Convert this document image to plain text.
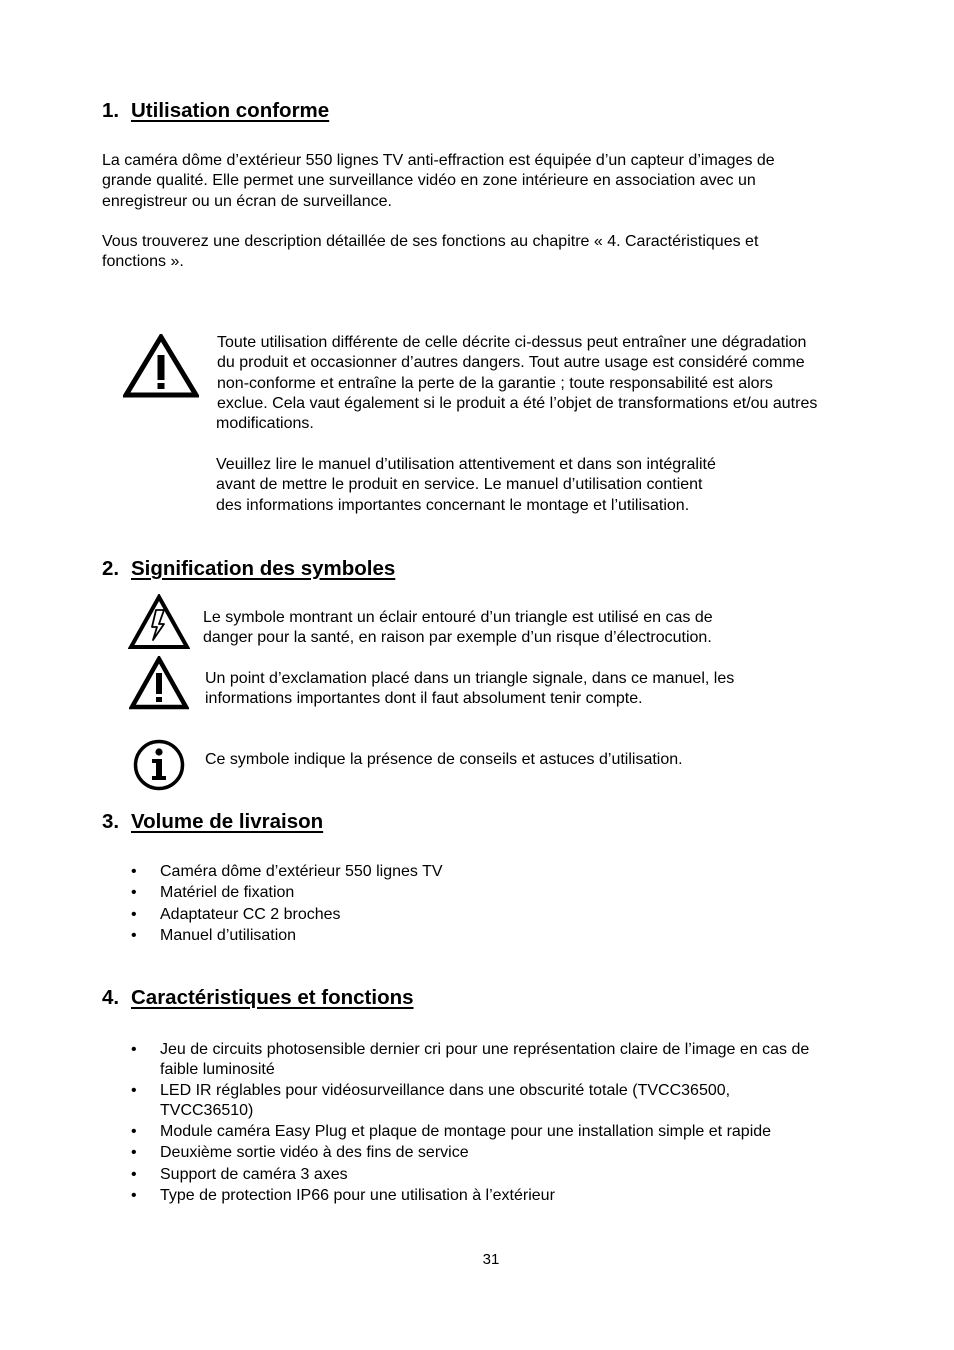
1. Utilisation conforme
La caméra dôme d’extérieur 550 lignes TV anti-effraction est équipée d’un capteur d’images de
grande qualité. Elle permet une surveillance vidéo en zone intérieure en association avec un
enregistreur ou un écran de surveillance.
Vous trouverez une description détaillée de ses fonctions au chapitre « 4. Caractéristiques et
fonctions ».
Toute utilisation différente de celle décrite ci-dessus peut entraîner une dégradation
du produit et occasionner d’autres dangers. Tout autre usage est considéré comme
non-conforme et entraîne la perte de la garantie ; toute responsabilité est alors
exclue. Cela vaut également si le produit a été l’objet de transformations et/ou autres
modifications.
Veuillez lire le manuel d’utilisation attentivement et dans son intégralité
avant de mettre le produit en service. Le manuel d’utilisation contient
des informations importantes concernant le montage et l’utilisation.
2. Signification des symboles
Le symbole montrant un éclair entouré d’un triangle est utilisé en cas de
danger pour la santé, en raison par exemple d’un risque d’électrocution.
Un point d’exclamation placé dans un triangle signale, dans ce manuel, les
informations importantes dont il faut absolument tenir compte.
Ce symbole indique la présence de conseils et astuces d’utilisation.
3. Volume de livraison
• Caméra dôme d’extérieur 550 lignes TV
• Matériel de fixation
• Adaptateur CC 2 broches
• Manuel d’utilisation
4. Caractéristiques et fonctions
• Jeu de circuits photosensible dernier cri pour une représentation claire de l’image en cas de
faible luminosité
• LED IR réglables pour vidéosurveillance dans une obscurité totale (TVCC36500,
TVCC36510)
• Module caméra Easy Plug et plaque de montage pour une installation simple et rapide
• Deuxième sortie vidéo à des fins de service
• Support de caméra 3 axes
• Type de protection IP66 pour une utilisation à l’extérieur
31
